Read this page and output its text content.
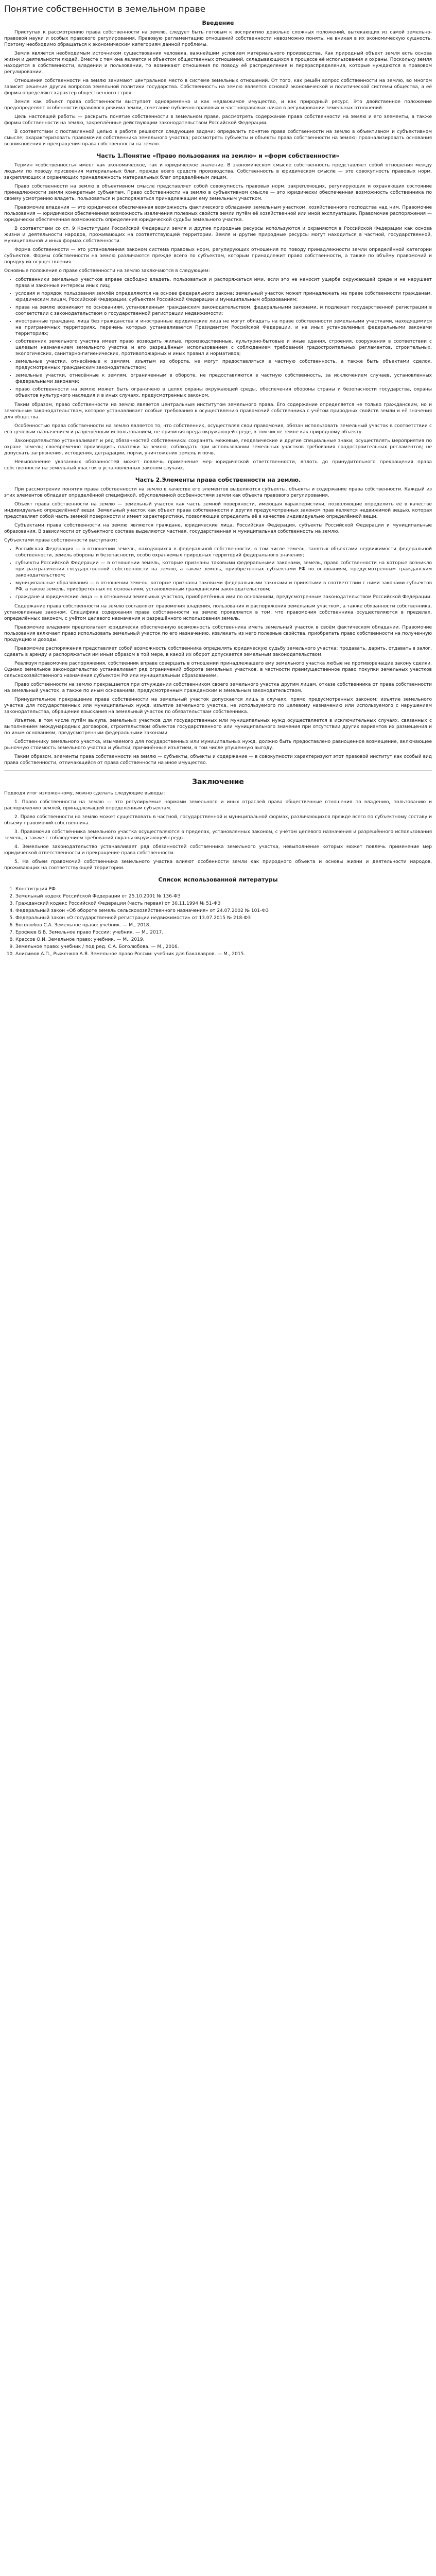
Понятие собственности в земельном праве
Введение

Приступая к рассмотрению права собственности на землю, следует быть готовым к восприятию довольно сложных положений, вытекающих из самой земельно-правовой науки и особых правового регулирования. Правовую регламентацию отношений собственности невозможно понять, не вникая в их экономическую сущность. Поэтому необходимо обращаться к экономическим категориям данной проблемы.

Земля является необходимым источником существования человека, важнейшим условием материального производства. Как природный объект земля есть основа жизни и деятельности людей. Вместе с тем она является и объектом общественных отношений, складывающихся в процессе её использования и охраны. Поскольку земля находится в собственности, владении и пользовании, то возникают отношения по поводу её распределения и перераспределения, которые нуждаются в правовом регулировании.

Отношения собственности на землю занимают центральное место в системе земельных отношений. От того, как решён вопрос собственности на землю, во многом зависит решение других вопросов земельной политики государства. Собственность на землю является основой экономической и политической системы общества, а её формы определяют характер общественного строя.

Земля как объект права собственности выступает одновременно и как недвижимое имущество, и как природный ресурс. Это двойственное положение предопределяет особенности правового режима земли, сочетание публично-правовых и частноправовых начал в регулировании земельных отношений.

Цель настоящей работы — раскрыть понятие собственности в земельном праве, рассмотреть содержание права собственности на землю и его элементы, а также формы собственности на землю, закреплённые действующим законодательством Российской Федерации.

В соответствии с поставленной целью в работе решаются следующие задачи: определить понятие права собственности на землю в объективном и субъективном смысле; охарактеризовать правомочия собственника земельного участка; рассмотреть субъекты и объекты права собственности на землю; проанализировать основания возникновения и прекращения права собственности на землю.

Часть 1.Понятие «Право пользования на землю» и «форм собственности»

Термин «собственность» имеет как экономическое, так и юридическое значение. В экономическом смысле собственность представляет собой отношения между людьми по поводу присвоения материальных благ, прежде всего средств производства. Собственность в юридическом смысле — это совокупность правовых норм, закрепляющих и охраняющих принадлежность материальных благ определённым лицам.

Право собственности на землю в объективном смысле представляет собой совокупность правовых норм, закрепляющих, регулирующих и охраняющих состояние принадлежности земли конкретным субъектам. Право собственности на землю в субъективном смысле — это юридически обеспеченная возможность собственника по своему усмотрению владеть, пользоваться и распоряжаться принадлежащим ему земельным участком.

Правомочие владения — это юридически обеспеченная возможность фактического обладания земельным участком, хозяйственного господства над ним. Правомочие пользования — юридически обеспеченная возможность извлечения полезных свойств земли путём её хозяйственной или иной эксплуатации. Правомочие распоряжения — юридически обеспеченная возможность определения юридической судьбы земельного участка.

В соответствии со ст. 9 Конституции Российской Федерации земля и другие природные ресурсы используются и охраняются в Российской Федерации как основа жизни и деятельности народов, проживающих на соответствующей территории. Земля и другие природные ресурсы могут находиться в частной, государственной, муниципальной и иных формах собственности.

Форма собственности — это установленная законом система правовых норм, регулирующих отношения по поводу принадлежности земли определённой категории субъектов. Формы собственности на землю различаются прежде всего по субъектам, которым принадлежит право собственности, а также по объёму правомочий и порядку их осуществления.

Основные положения о праве собственности на землю заключаются в следующем:

• собственники земельных участков вправе свободно владеть, пользоваться и распоряжаться ими, если это не наносит ущерба окружающей среде и не нарушает права и законные интересы иных лиц;
• условия и порядок пользования землёй определяются на основе федерального закона; земельный участок может принадлежать на праве собственности гражданам, юридическим лицам, Российской Федерации, субъектам Российской Федерации и муниципальным образованиям;
• права на землю возникают по основаниям, установленным гражданским законодательством, федеральными законами, и подлежат государственной регистрации в соответствии с законодательством о государственной регистрации недвижимости;
• иностранные граждане, лица без гражданства и иностранные юридические лица не могут обладать на праве собственности земельными участками, находящимися на приграничных территориях, перечень которых устанавливается Президентом Российской Федерации, и на иных установленных федеральными законами территориях;
• собственник земельного участка имеет право возводить жилые, производственные, культурно-бытовые и иные здания, строения, сооружения в соответствии с целевым назначением земельного участка и его разрешённым использованием с соблюдением требований градостроительных регламентов, строительных, экологических, санитарно-гигиенических, противопожарных и иных правил и нормативов;
• земельные участки, отнесённые к землям, изъятым из оборота, не могут предоставляться в частную собственность, а также быть объектами сделок, предусмотренных гражданским законодательством;
• земельные участки, отнесённые к землям, ограниченным в обороте, не предоставляются в частную собственность, за исключением случаев, установленных федеральными законами;
• право собственности на землю может быть ограничено в целях охраны окружающей среды, обеспечения обороны страны и безопасности государства, охраны объектов культурного наследия и в иных случаях, предусмотренных законом.

Таким образом, право собственности на землю является центральным институтом земельного права. Его содержание определяется не только гражданским, но и земельным законодательством, которое устанавливает особые требования к осуществлению правомочий собственника с учётом природных свойств земли и её значения для общества.

Особенностью права собственности на землю является то, что собственник, осуществляя свои правомочия, обязан использовать земельный участок в соответствии с его целевым назначением и разрешённым использованием, не причиняя вреда окружающей среде, в том числе земле как природному объекту.

Законодательство устанавливает и ряд обязанностей собственника: сохранять межевые, геодезические и другие специальные знаки; осуществлять мероприятия по охране земель; своевременно производить платежи за землю; соблюдать при использовании земельных участков требования градостроительных регламентов; не допускать загрязнения, истощения, деградации, порчи, уничтожения земель и почв.

Невыполнение указанных обязанностей может повлечь применение мер юридической ответственности, вплоть до принудительного прекращения права собственности на земельный участок в установленных законом случаях.

Часть 2.Элементы права собственности на землю.

При рассмотрении понятия права собственности на землю в качестве его элементов выделяются субъекты, объекты и содержание права собственности. Каждый из этих элементов обладает определённой спецификой, обусловленной особенностями земли как объекта правового регулирования.

Объект права собственности на землю — земельный участок как часть земной поверхности, имеющая характеристики, позволяющие определить её в качестве индивидуально определённой вещи. Земельный участок как объект права собственности и других предусмотренных законом прав является недвижимой вещью, которая представляет собой часть земной поверхности и имеет характеристики, позволяющие определить её в качестве индивидуально определённой вещи.

Субъектами права собственности на землю являются граждане, юридические лица, Российская Федерация, субъекты Российской Федерации и муниципальные образования. В зависимости от субъектного состава выделяются частная, государственная и муниципальная собственность на землю.

Субъектами права собственности выступают:

• Российская Федерация — в отношении земель, находящихся в федеральной собственности, в том числе земель, занятых объектами недвижимости федеральной собственности, земель обороны и безопасности, особо охраняемых природных территорий федерального значения;
• субъекты Российской Федерации — в отношении земель, которые признаны таковыми федеральными законами, земель, право собственности на которые возникло при разграничении государственной собственности на землю, а также земель, приобретённых субъектами РФ по основаниям, предусмотренным гражданским законодательством;
• муниципальные образования — в отношении земель, которые признаны таковыми федеральными законами и принятыми в соответствии с ними законами субъектов РФ, а также земель, приобретённых по основаниям, установленным гражданским законодательством;
• граждане и юридические лица — в отношении земельных участков, приобретённых ими по основаниям, предусмотренным законодательством Российской Федерации.

Содержание права собственности на землю составляют правомочия владения, пользования и распоряжения земельным участком, а также обязанности собственника, установленные законом. Специфика содержания права собственности на землю проявляется в том, что правомочия собственника осуществляются в пределах, определённых законом, с учётом целевого назначения и разрешённого использования земель.

Правомочие владения предполагает юридически обеспеченную возможность собственника иметь земельный участок в своём фактическом обладании. Правомочие пользования включает право использовать земельный участок по его назначению, извлекать из него полезные свойства, приобретать право собственности на полученную продукцию и доходы.

Правомочие распоряжения представляет собой возможность собственника определять юридическую судьбу земельного участка: продавать, дарить, отдавать в залог, сдавать в аренду и распоряжаться им иным образом в той мере, в какой их оборот допускается земельным законодательством.

Реализуя правомочие распоряжения, собственник вправе совершать в отношении принадлежащего ему земельного участка любые не противоречащие закону сделки. Однако земельное законодательство устанавливает ряд ограничений оборота земельных участков, в частности преимущественное право покупки земельных участков сельскохозяйственного назначения субъектом РФ или муниципальным образованием.

Право собственности на землю прекращается при отчуждении собственником своего земельного участка другим лицам, отказе собственника от права собственности на земельный участок, а также по иным основаниям, предусмотренным гражданским и земельным законодательством.

Принудительное прекращение права собственности на земельный участок допускается лишь в случаях, прямо предусмотренных законом: изъятие земельного участка для государственных или муниципальных нужд, изъятие земельного участка, не используемого по целевому назначению или используемого с нарушением законодательства, обращение взыскания на земельный участок по обязательствам собственника.

Изъятие, в том числе путём выкупа, земельных участков для государственных или муниципальных нужд осуществляется в исключительных случаях, связанных с выполнением международных договоров, строительством объектов государственного или муниципального значения при отсутствии других вариантов их размещения и по иным основаниям, предусмотренным федеральными законами.

Собственнику земельного участка, изымаемого для государственных или муниципальных нужд, должно быть предоставлено равноценное возмещение, включающее рыночную стоимость земельного участка и убытки, причинённые изъятием, в том числе упущенную выгоду.

Таким образом, элементы права собственности на землю — субъекты, объекты и содержание — в совокупности характеризуют этот правовой институт как особый вид права собственности, отличающийся от права собственности на иное имущество.

Заключение

Подводя итог изложенному, можно сделать следующие выводы:

1. Право собственности на землю — это регулируемые нормами земельного и иных отраслей права общественные отношения по владению, пользованию и распоряжению землёй, принадлежащей определённым субъектам.

2. Право собственности на землю может существовать в частной, государственной и муниципальной формах, различающихся прежде всего по субъектному составу и объёму правомочий собственника.

3. Правомочия собственника земельного участка осуществляются в пределах, установленных законом, с учётом целевого назначения и разрешённого использования земель, а также с соблюдением требований охраны окружающей среды.

4. Земельное законодательство устанавливает ряд обязанностей собственника земельного участка, невыполнение которых может повлечь применение мер юридической ответственности и прекращение права собственности.

5. На объем правомочий собственника земельного участка влияют особенности земли как природного объекта и основы жизни и деятельности народов, проживающих на соответствующей территории.

Список использованной литературы
1. Конституция РФ
2. Земельный кодекс Российской Федерации от 25.10.2001 № 136-ФЗ
3. Гражданский кодекс Российской Федерации (часть первая) от 30.11.1994 № 51-ФЗ
4. Федеральный закон «Об обороте земель сельскохозяйственного назначения» от 24.07.2002 № 101-ФЗ
5. Федеральный закон «О государственной регистрации недвижимости» от 13.07.2015 № 218-ФЗ
6. Боголюбов С.А. Земельное право: учебник. — М., 2018.
7. Ерофеев Б.В. Земельное право России: учебник. — М., 2017.
8. Крассов О.И. Земельное право: учебник. — М., 2019.
9. Земельное право: учебник / под ред. С.А. Боголюбова. — М., 2016.
10. Анисимов А.П., Рыженков А.Я. Земельное право России: учебник для бакалавров. — М., 2015.
